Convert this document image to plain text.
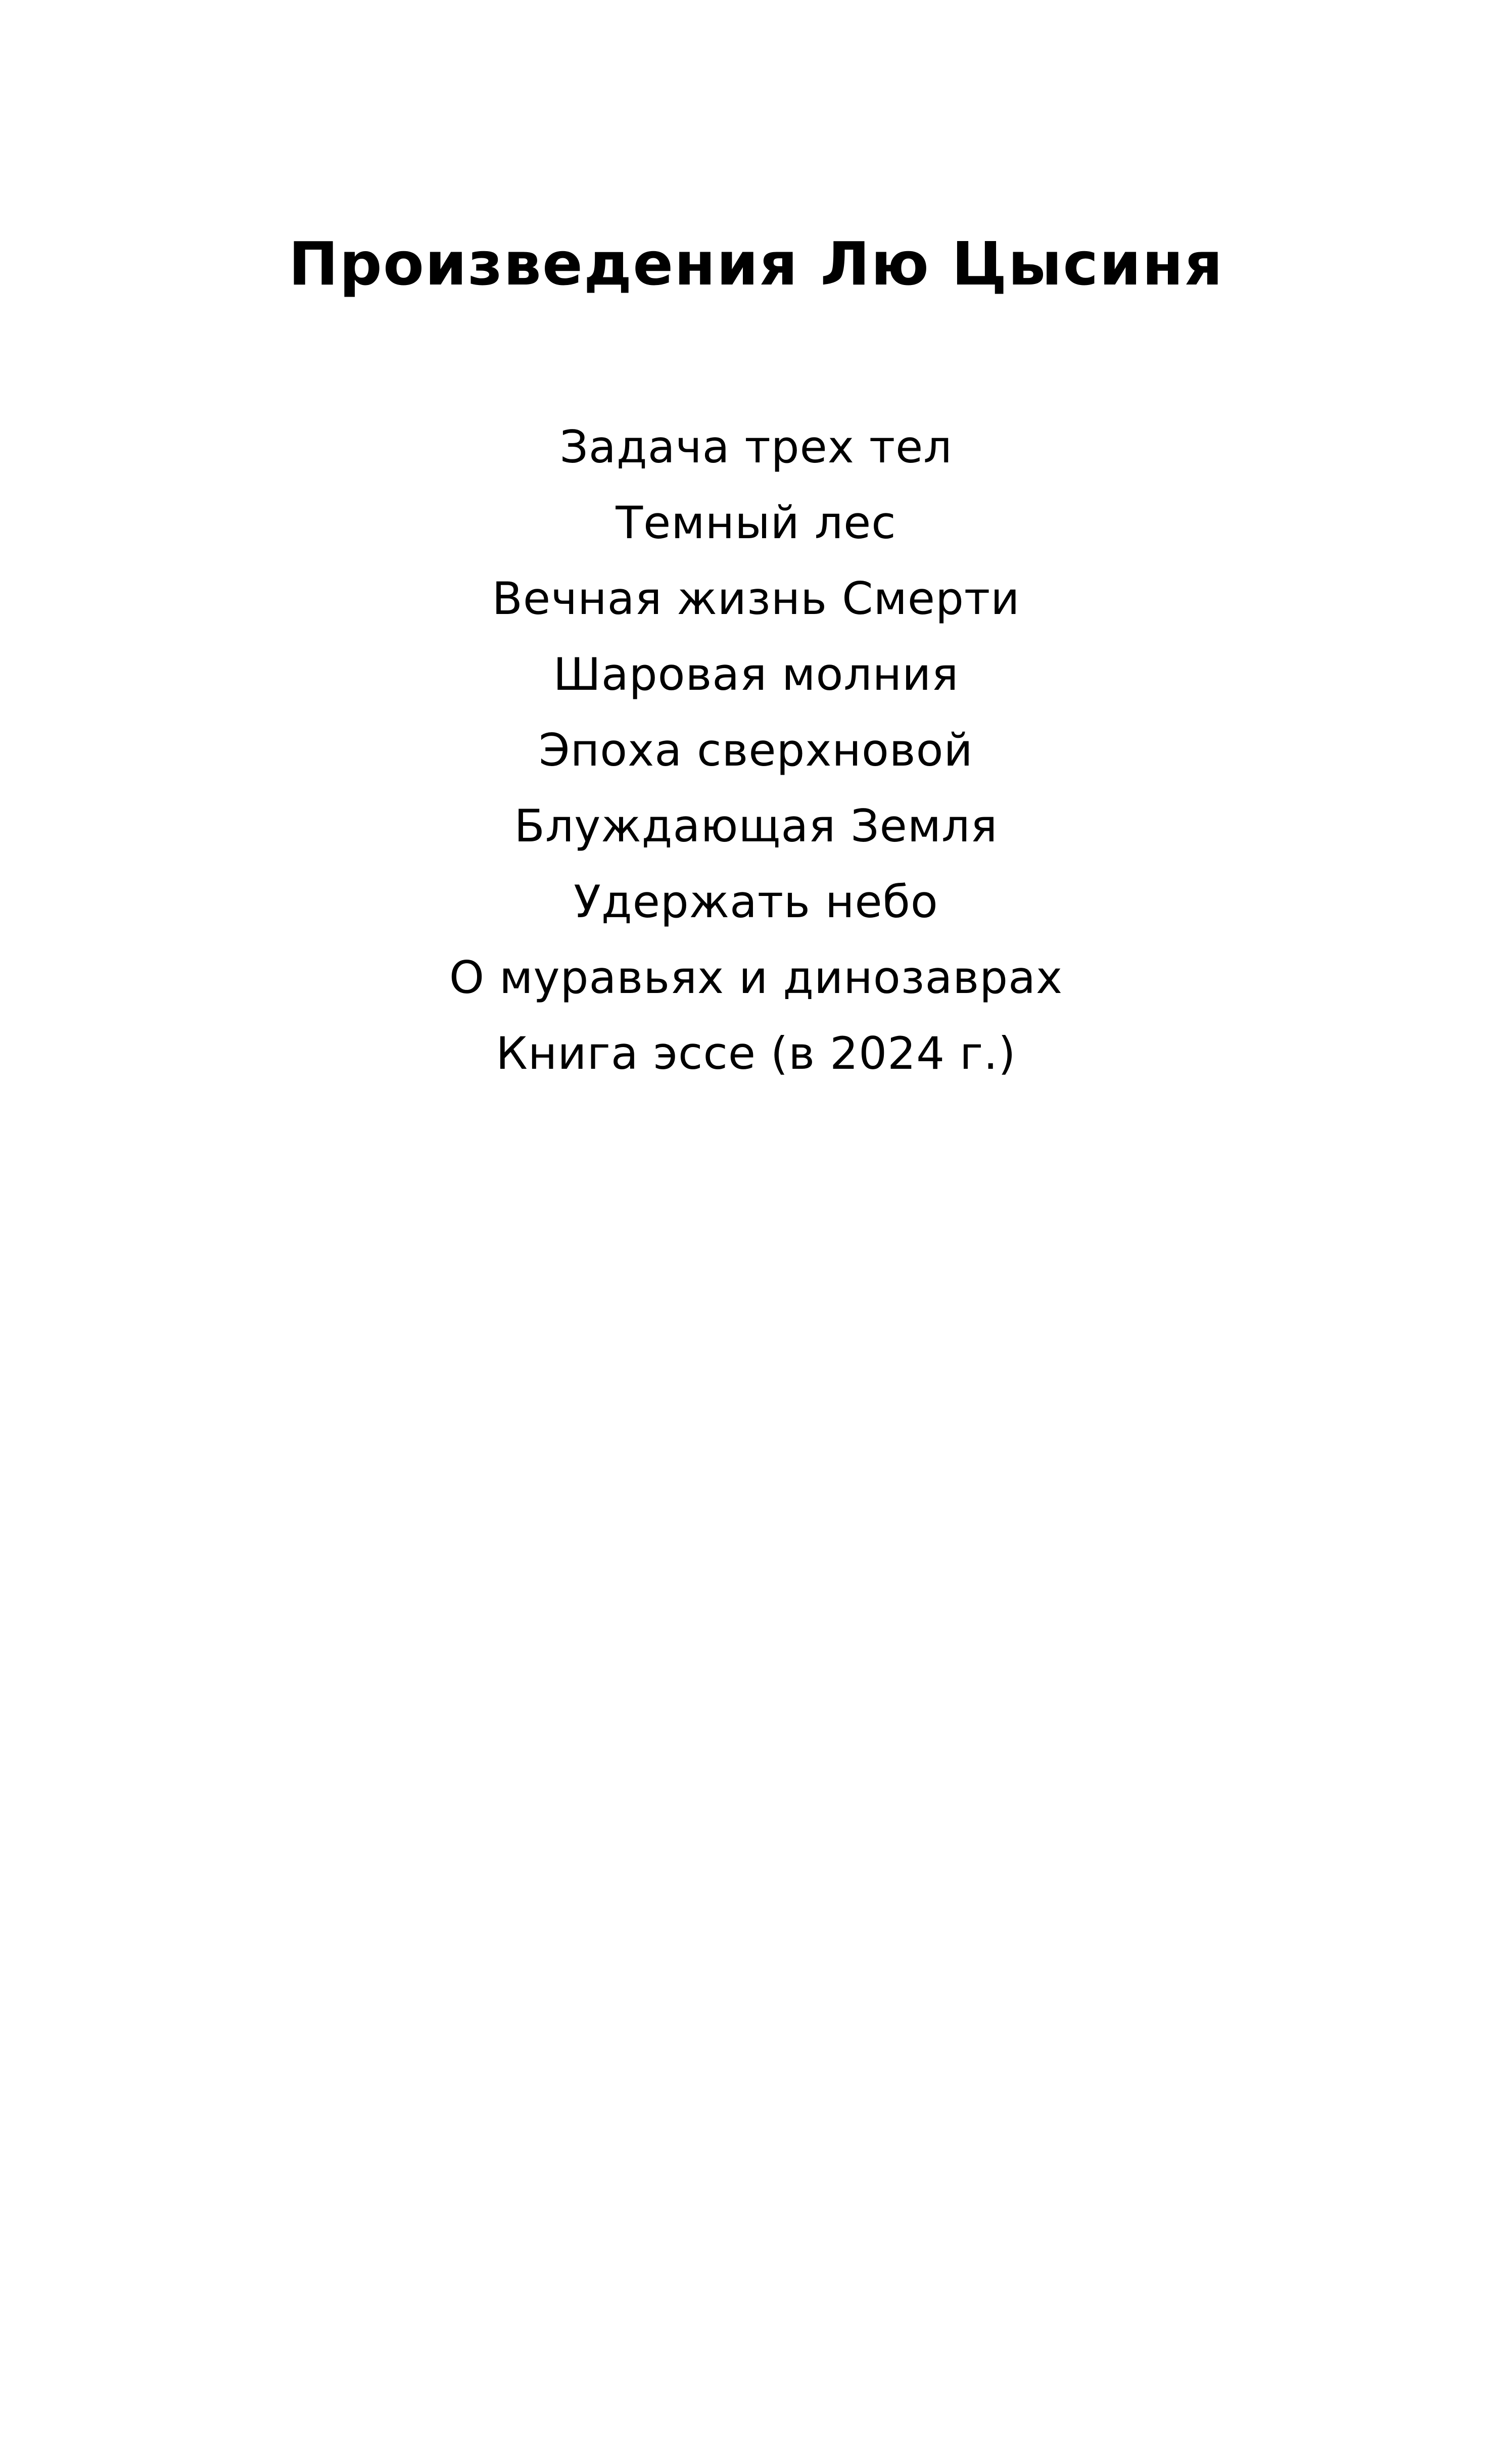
Произведения Лю Цысиня
Задача трех тел
Темный лес
Вечная жизнь Смерти
Шаровая молния
Эпоха сверхновой
Блуждающая Земля
Удержать небо
О муравьях и динозаврах
Книга эссе (в 2024 г.)
